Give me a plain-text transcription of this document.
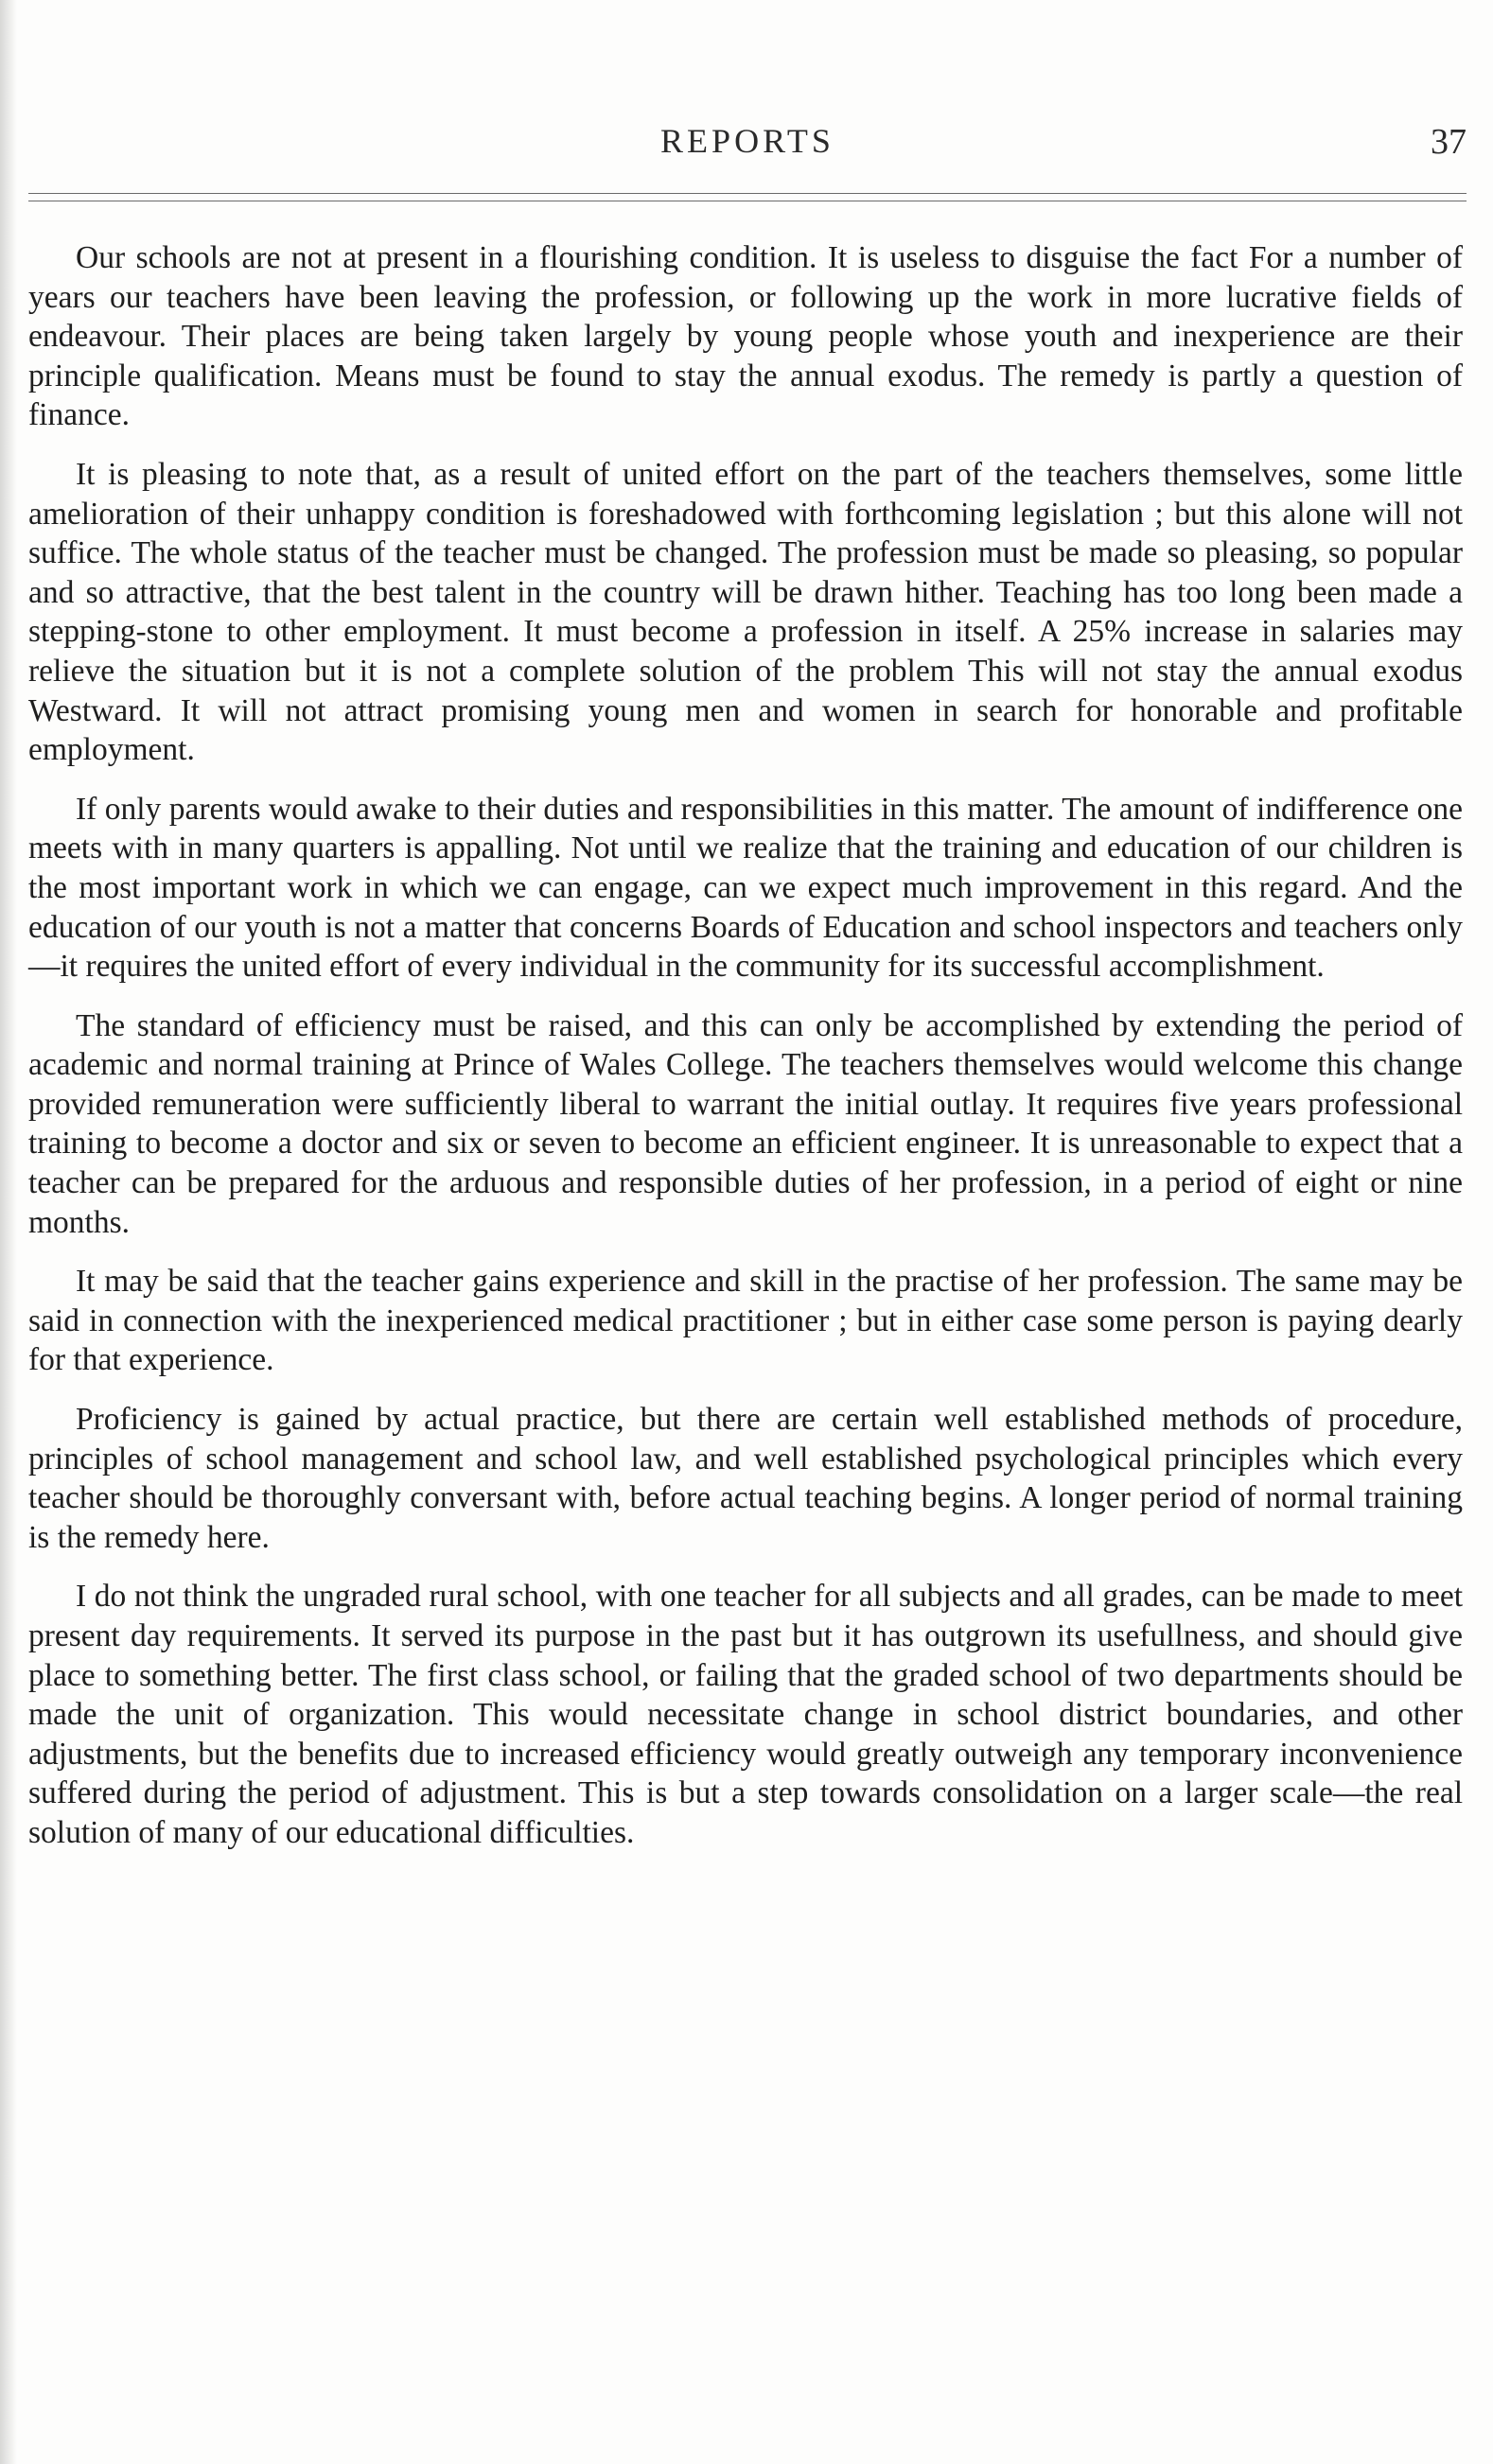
REPORTS	37

Our schools are not at present in a flourishing condition. It is useless to disguise the fact For a number of years our teachers have been leaving the profession, or following up the work in more lucrative fields of endeavour. Their places are being taken largely by young people whose youth and inexperience are their principle qualification. Means must be found to stay the annual exodus. The remedy is partly a question of finance.

It is pleasing to note that, as a result of united effort on the part of the teachers themselves, some little amelioration of their unhappy condition is foreshadowed with forthcoming legislation ; but this alone will not suffice. The whole status of the teacher must be changed. The profession must be made so pleasing, so popular and so attractive, that the best talent in the country will be drawn hither. Teaching has too long been made a stepping-stone to other employment. It must become a profession in itself. A 25% increase in salaries may relieve the situation but it is not a complete solution of the problem This will not stay the annual exodus Westward. It will not attract promising young men and women in search for honorable and profitable employment.

If only parents would awake to their duties and responsibilities in this matter. The amount of indifference one meets with in many quarters is appalling. Not until we realize that the training and education of our children is the most important work in which we can engage, can we expect much improvement in this regard. And the education of our youth is not a matter that concerns Boards of Education and school inspectors and teachers only—it requires the united effort of every individual in the community for its successful accomplishment.

The standard of efficiency must be raised, and this can only be accomplished by extending the period of academic and normal training at Prince of Wales College. The teachers themselves would welcome this change provided remuneration were sufficiently liberal to warrant the initial outlay. It requires five years professional training to become a doctor and six or seven to become an efficient engineer. It is unreasonable to expect that a teacher can be prepared for the arduous and responsible duties of her profession, in a period of eight or nine months.

It may be said that the teacher gains experience and skill in the practise of her profession. The same may be said in connection with the inexperienced medical practitioner ; but in either case some person is paying dearly for that experience.

Proficiency is gained by actual practice, but there are certain well established methods of procedure, principles of school management and school law, and well established psychological principles which every teacher should be thoroughly conversant with, before actual teaching begins. A longer period of normal training is the remedy here.

I do not think the ungraded rural school, with one teacher for all subjects and all grades, can be made to meet present day requirements. It served its purpose in the past but it has outgrown its usefullness, and should give place to something better. The first class school, or failing that the graded school of two departments should be made the unit of organization. This would necessitate change in school district boundaries, and other adjustments, but the benefits due to increased efficiency would greatly outweigh any temporary inconvenience suffered during the period of adjustment. This is but a step towards consolidation on a larger scale—the real solution of many of our educational difficulties.
